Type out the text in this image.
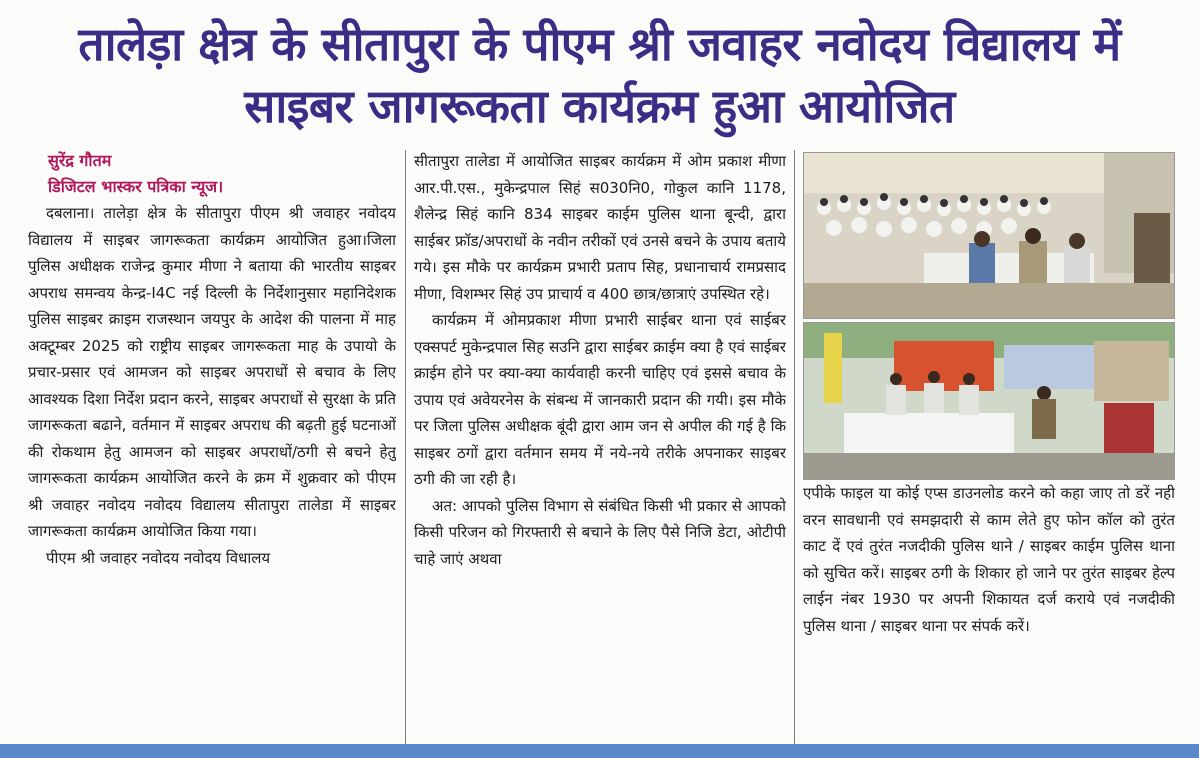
तालेड़ा क्षेत्र के सीतापुरा के पीएम श्री जवाहर नवोदय विद्यालय में
साइबर जागरूकता कार्यक्रम हुआ आयोजित
सुरेंद्र गौतम
डिजिटल भास्कर पत्रिका न्यूज।

दबलाना। तालेड़ा क्षेत्र के सीतापुरा पीएम श्री जवाहर नवोदय विद्यालय में साइबर जागरूकता कार्यक्रम आयोजित हुआ।जिला पुलिस अधीक्षक राजेन्द्र कुमार मीणा ने बताया की भारतीय साइबर अपराध समन्वय केन्द्र-I4C नई दिल्ली के निर्देशानुसार महानिदेशक पुलिस साइबर क्राइम राजस्थान जयपुर के आदेश की पालना में माह अक्टूम्बर 2025 को राष्ट्रीय साइबर जागरूकता माह के उपायो के प्रचार-प्रसार एवं आमजन को साइबर अपराधों से बचाव के लिए आवश्यक दिशा निर्देश प्रदान करने, साइबर अपराधों से सुरक्षा के प्रति जागरूकता बढाने, वर्तमान में साइबर अपराध की बढ़ती हुई घटनाओं की रोकथाम हेतु आमजन को साइबर अपराधों/ठगी से बचने हेतु जागरूकता कार्यक्रम आयोजित करने के क्रम में शुक्रवार को पीएम श्री जवाहर नवोदय नवोदय विद्यालय सीतापुरा तालेडा में साइबर जागरूकता कार्यक्रम आयोजित किया गया।

पीएम श्री जवाहर नवोदय नवोदय विधालय

सीतापुरा तालेडा में आयोजित साइबर कार्यक्रम में ओम प्रकाश मीणा आर.पी.एस., मुकेन्द्रपाल सिहं स030नि0, गोकुल कानि 1178, शैलेन्द्र सिहं कानि 834 साइबर काईम पुलिस थाना बून्दी, द्वारा साईबर फ्रॉड/अपराधों के नवीन तरीकों एवं उनसे बचने के उपाय बताये गये। इस मौके पर कार्यक्रम प्रभारी प्रताप सिह, प्रधानाचार्य रामप्रसाद मीणा, विशम्भर सिहं उप प्राचार्य व 400 छात्र/छात्राएं उपस्थित रहे।

कार्यक्रम में ओमप्रकाश मीणा प्रभारी साईबर थाना एवं साईबर एक्सपर्ट मुकेन्द्रपाल सिह सउनि द्वारा साईबर क्राईम क्या है एवं साईबर क्राईम होने पर क्या-क्या कार्यवाही करनी चाहिए एवं इससे बचाव के उपाय एवं अवेयरनेस के संबन्ध में जानकारी प्रदान की गयी। इस मौके पर जिला पुलिस अधीक्षक बूंदी द्वारा आम जन से अपील की गई है कि साइबर ठगों द्वारा वर्तमान समय में नये-नये तरीके अपनाकर साइबर ठगी की जा रही है।

अत: आपको पुलिस विभाग से संबंधित किसी भी प्रकार से आपको किसी परिजन को गिरफ्तारी से बचाने के लिए पैसे निजि डेटा, ओटीपी चाहे जाएं अथवा

एपीके फाइल या कोई एप्स डाउनलोड करने को कहा जाए तो डरें नही वरन सावधानी एवं समझदारी से काम लेते हुए फोन कॉल को तुरंत काट दें एवं तुरंत नजदीकी पुलिस थाने / साइबर काईम पुलिस थाना को सुचित करें। साइबर ठगी के शिकार हो जाने पर तुरंत साइबर हेल्प लाईन नंबर 1930 पर अपनी शिकायत दर्ज कराये एवं नजदीकी पुलिस थाना / साइबर थाना पर संपर्क करें।
